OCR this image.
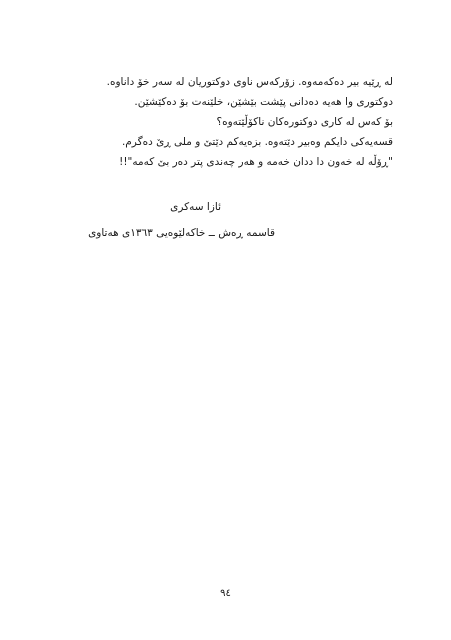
لە ڕێیە بیر دەکەمەوە. زۆرکەس ناوی دوکتوریان لە سەر خۆ داناوە.
دوکتوری وا هەیە دەدانی پێشت بێشێن، خلێنەت بۆ دەکێشێن.
بۆ کەس لە کاری دوکتورەکان ناکۆڵێتەوە؟
قسەیەکی دایکم وەبیر دێتەوە. بزەیەکم دێتێ و ملی ڕێ دەگرم.
"ڕۆڵە لە خەون دا ددان خەمە و هەر چەندی پتر دەر بێ کەمە"!!
ئازا سەکری
قاسمە ڕەش ــ خاکەلێوەیی ١٣٦٣ی هەتاوی
٩٤
